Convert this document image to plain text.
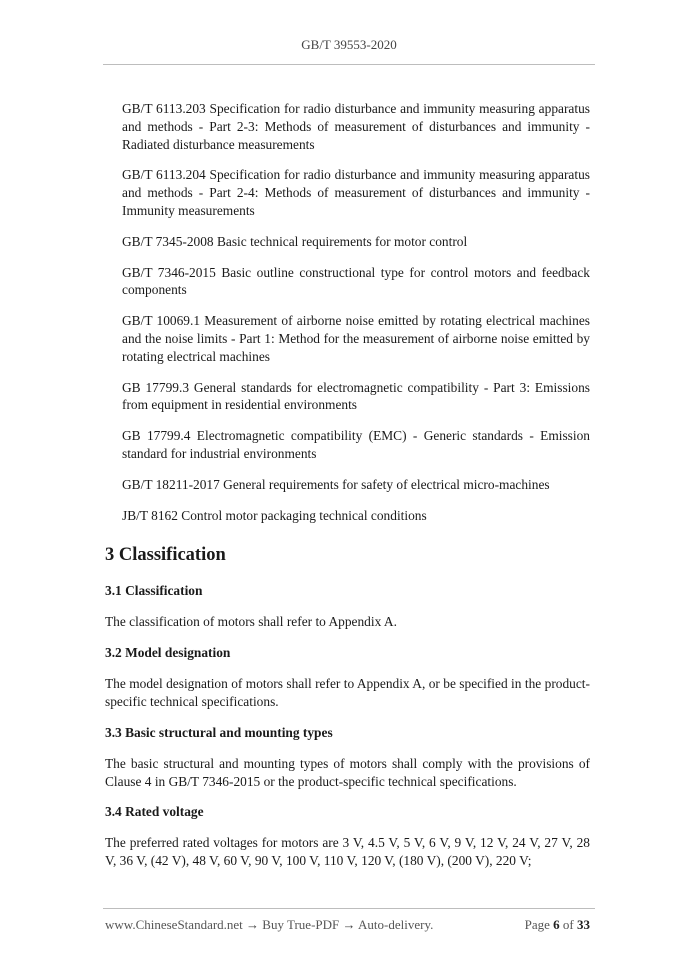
GB/T 39553-2020
GB/T 6113.203 Specification for radio disturbance and immunity measuring apparatus and methods - Part 2-3: Methods of measurement of disturbances and immunity - Radiated disturbance measurements
GB/T 6113.204 Specification for radio disturbance and immunity measuring apparatus and methods - Part 2-4: Methods of measurement of disturbances and immunity - Immunity measurements
GB/T 7345-2008 Basic technical requirements for motor control
GB/T 7346-2015 Basic outline constructional type for control motors and feedback components
GB/T 10069.1 Measurement of airborne noise emitted by rotating electrical machines and the noise limits - Part 1: Method for the measurement of airborne noise emitted by rotating electrical machines
GB 17799.3 General standards for electromagnetic compatibility - Part 3: Emissions from equipment in residential environments
GB 17799.4 Electromagnetic compatibility (EMC) - Generic standards - Emission standard for industrial environments
GB/T 18211-2017 General requirements for safety of electrical micro-machines
JB/T 8162 Control motor packaging technical conditions
3 Classification
3.1 Classification
The classification of motors shall refer to Appendix A.
3.2 Model designation
The model designation of motors shall refer to Appendix A, or be specified in the product-specific technical specifications.
3.3 Basic structural and mounting types
The basic structural and mounting types of motors shall comply with the provisions of Clause 4 in GB/T 7346-2015 or the product-specific technical specifications.
3.4 Rated voltage
The preferred rated voltages for motors are 3 V, 4.5 V, 5 V, 6 V, 9 V, 12 V, 24 V, 27 V, 28 V, 36 V, (42 V), 48 V, 60 V, 90 V, 100 V, 110 V, 120 V, (180 V), (200 V), 220 V;
www.ChineseStandard.net → Buy True-PDF → Auto-delivery.	Page 6 of 33
